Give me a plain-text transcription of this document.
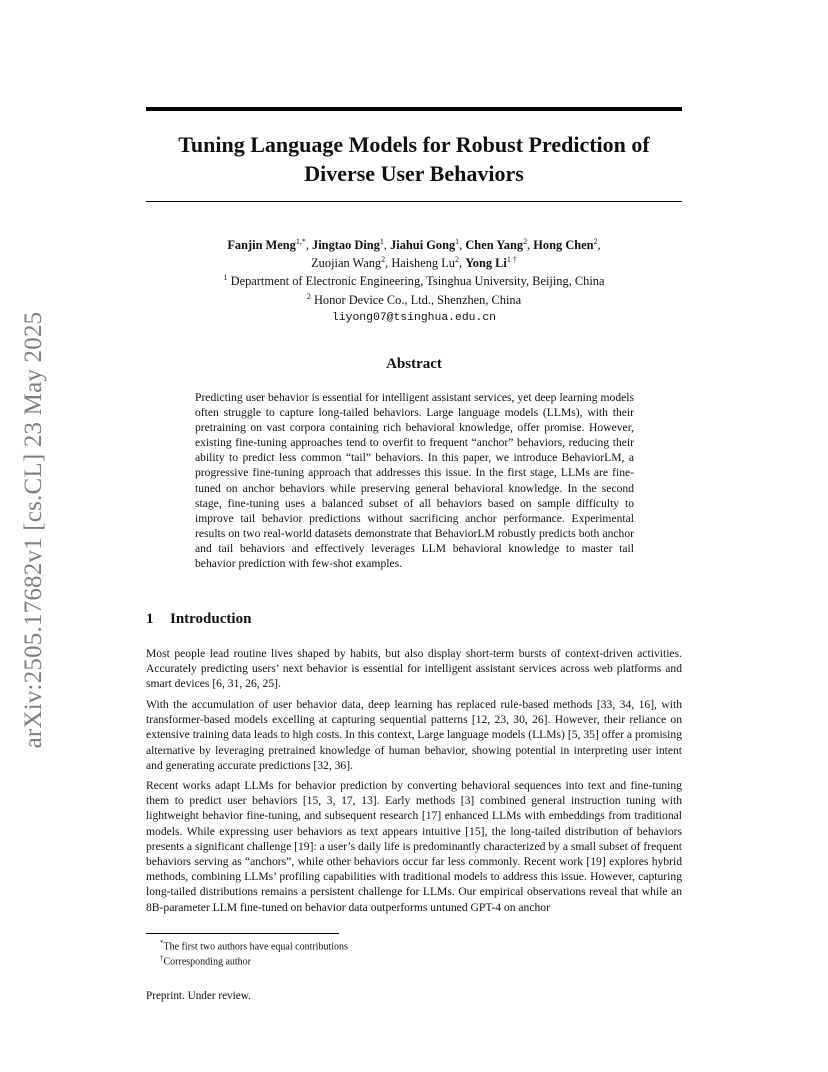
arXiv:2505.17682v1 [cs.CL] 23 May 2025
Tuning Language Models for Robust Prediction of Diverse User Behaviors
Fanjin Meng$^{1,*}$, Jingtao Ding$^1$, Jiahui Gong$^1$, Chen Yang$^2$, Hong Chen$^2$,
Zuojian Wang$^2$, Haisheng Lu$^2$, Yong $Li^{1 \dagger}$
$^1$ Department of Electronic Engineering, Tsinghua University, Beijing, China
$^2$ Honor Device Co., Ltd., Shenzhen, China
liyong07@tsinghua.edu.cn
Abstract
Predicting user behavior is essential for intelligent assistant services, yet deep learning models often struggle to capture long-tailed behaviors. Large language models (LLMs), with their pretraining on vast corpora containing rich behavioral knowledge, offer promise. However, existing fine-tuning approaches tend to overfit to frequent “anchor” behaviors, reducing their ability to predict less common “tail” behaviors. In this paper, we introduce BehaviorLM, a progressive fine-tuning approach that addresses this issue. In the first stage, LLMs are fine-tuned on anchor behaviors while preserving general behavioral knowledge. In the second stage, fine-tuning uses a balanced subset of all behaviors based on sample difficulty to improve tail behavior predictions without sacrificing anchor performance. Experimental results on two real-world datasets demonstrate that BehaviorLM robustly predicts both anchor and tail behaviors and effectively leverages LLM behavioral knowledge to master tail behavior prediction with few-shot examples.
1 Introduction

Most people lead routine lives shaped by habits, but also display short-term bursts of context-driven activities. Accurately predicting users’ next behavior is essential for intelligent assistant services across web platforms and smart devices [6, 31, 26, 25].

With the accumulation of user behavior data, deep learning has replaced rule-based methods [33, 34, 16], with transformer-based models excelling at capturing sequential patterns [12, 23, 30, 26]. However, their reliance on extensive training data leads to high costs. In this context, Large language models (LLMs) [5, 35] offer a promising alternative by leveraging pretrained knowledge of human behavior, showing potential in interpreting user intent and generating accurate predictions [32, 36].

Recent works adapt LLMs for behavior prediction by converting behavioral sequences into text and fine-tuning them to predict user behaviors [15, 3, 17, 13]. Early methods [3] combined general instruction tuning with lightweight behavior fine-tuning, and subsequent research [17] enhanced LLMs with embeddings from traditional models. While expressing user behaviors as text appears intuitive [15], the long-tailed distribution of behaviors presents a significant challenge [19]: a user’s daily life is predominantly characterized by a small subset of frequent behaviors serving as “anchors”, while other behaviors occur far less commonly. Recent work [19] explores hybrid methods, combining LLMs’ profiling capabilities with traditional models to address this issue. However, capturing long-tailed distributions remains a persistent challenge for LLMs. Our empirical observations reveal that while an 8B-parameter LLM fine-tuned on behavior data outperforms untuned GPT-4 on anchor

*The first two authors have equal contributions
†Corresponding author
Preprint. Under review.
